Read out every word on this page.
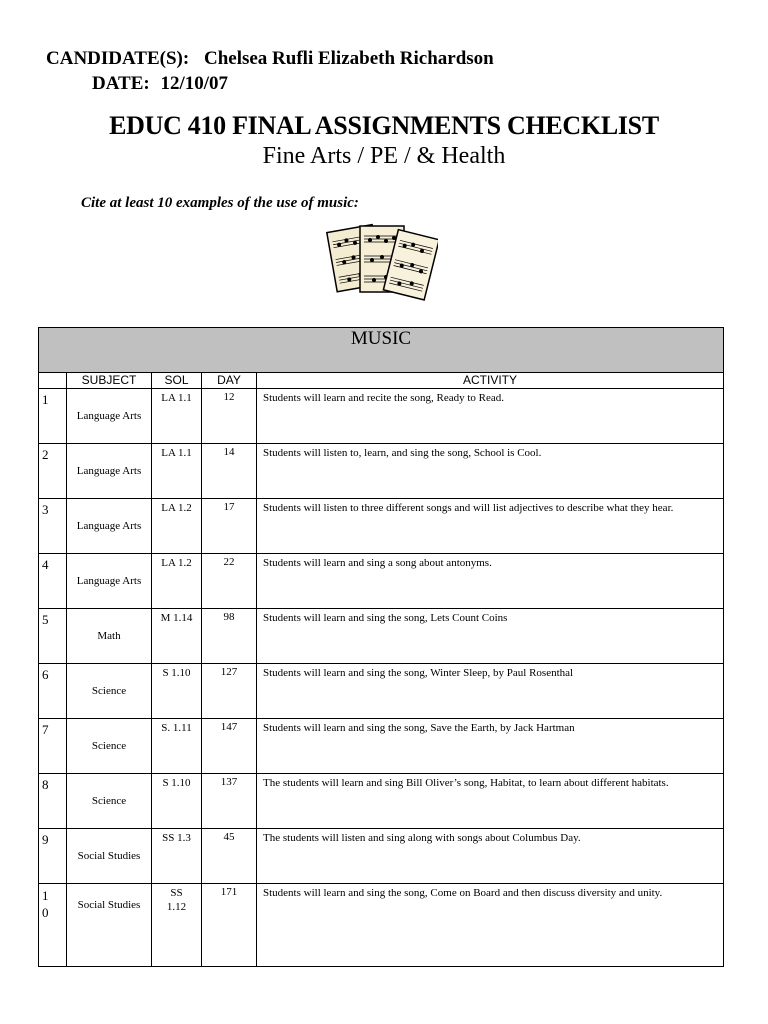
CANDIDATE(S): Chelsea Rufli Elizabeth Richardson
DATE: 12/10/07
EDUC 410 FINAL ASSIGNMENTS CHECKLIST
Fine Arts / PE / & Health
Cite at least 10 examples of the use of music:
MUSIC				
	SUBJECT	SOL	DAY	ACTIVITY
1	Language Arts	LA 1.1	12	Students will learn and recite the song, Ready to Read.
2	Language Arts	LA 1.1	14	Students will listen to, learn, and sing the song, School is Cool.
3	Language Arts	LA 1.2	17	Students will listen to three different songs and will list adjectives to describe what they hear.
4	Language Arts	LA 1.2	22	Students will learn and sing a song about antonyms.
5	Math	M 1.14	98	Students will learn and sing the song, Lets Count Coins
6	Science	S 1.10	127	Students will learn and sing the song, Winter Sleep, by Paul Rosenthal
7	Science	S. 1.11	147	Students will learn and sing the song, Save the Earth, by Jack Hartman
8	Science	S 1.10	137	The students will learn and sing Bill Oliver’s song, Habitat, to learn about different habitats.
9	Social Studies	SS 1.3	45	The students will listen and sing along with songs about Columbus Day.
10	Social Studies	SS 1.12	171	Students will learn and sing the song, Come on Board and then discuss diversity and unity.
